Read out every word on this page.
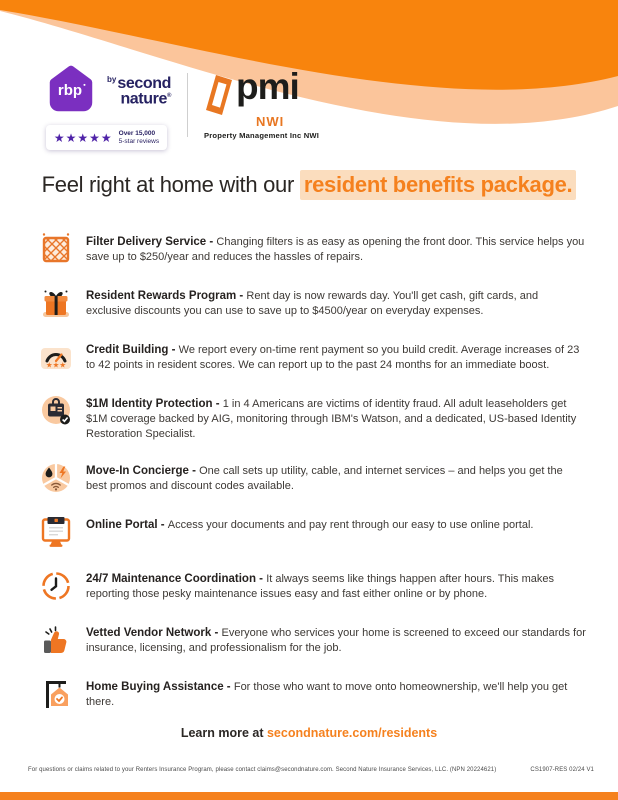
rbp
$^{by}$second
nature®
★★★★★ Over 15,000
5-star reviews
pmi
NWI
Property Management Inc NWI
Feel right at home with our resident benefits package.

Filter Delivery Service - Changing filters is as easy as opening the front door. This service helps you save up to $250/year and reduces the hassles of repairs.

Resident Rewards Program - Rent day is now rewards day. You'll get cash, gift cards, and exclusive discounts you can use to save up to $4500/year on everyday expenses.

★★★

Credit Building - We report every on-time rent payment so you build credit. Average increases of 23 to 42 points in resident scores. We can report up to the past 24 months for an immediate boost.

$1M Identity Protection - 1 in 4 Americans are victims of identity fraud. All adult leaseholders get $1M coverage backed by AIG, monitoring through IBM's Watson, and a dedicated, US-based Identity Restoration Specialist.

Move-In Concierge - One call sets up utility, cable, and internet services – and helps you get the best promos and discount codes available.

Online Portal - Access your documents and pay rent through our easy to use online portal.

24/7 Maintenance Coordination - It always seems like things happen after hours. This makes reporting those pesky maintenance issues easy and fast either online or by phone.

Vetted Vendor Network - Everyone who services your home is screened to exceed our standards for insurance, licensing, and professionalism for the job.

Home Buying Assistance - For those who want to move onto homeownership, we'll help you get there.

Learn more at secondnature.com/residents
For questions or claims related to your Renters Insurance Program, please contact claims@secondnature.com. Second Nature Insurance Services, LLC. (NPN 20224621)	CS1907-RES 02/24 V1
